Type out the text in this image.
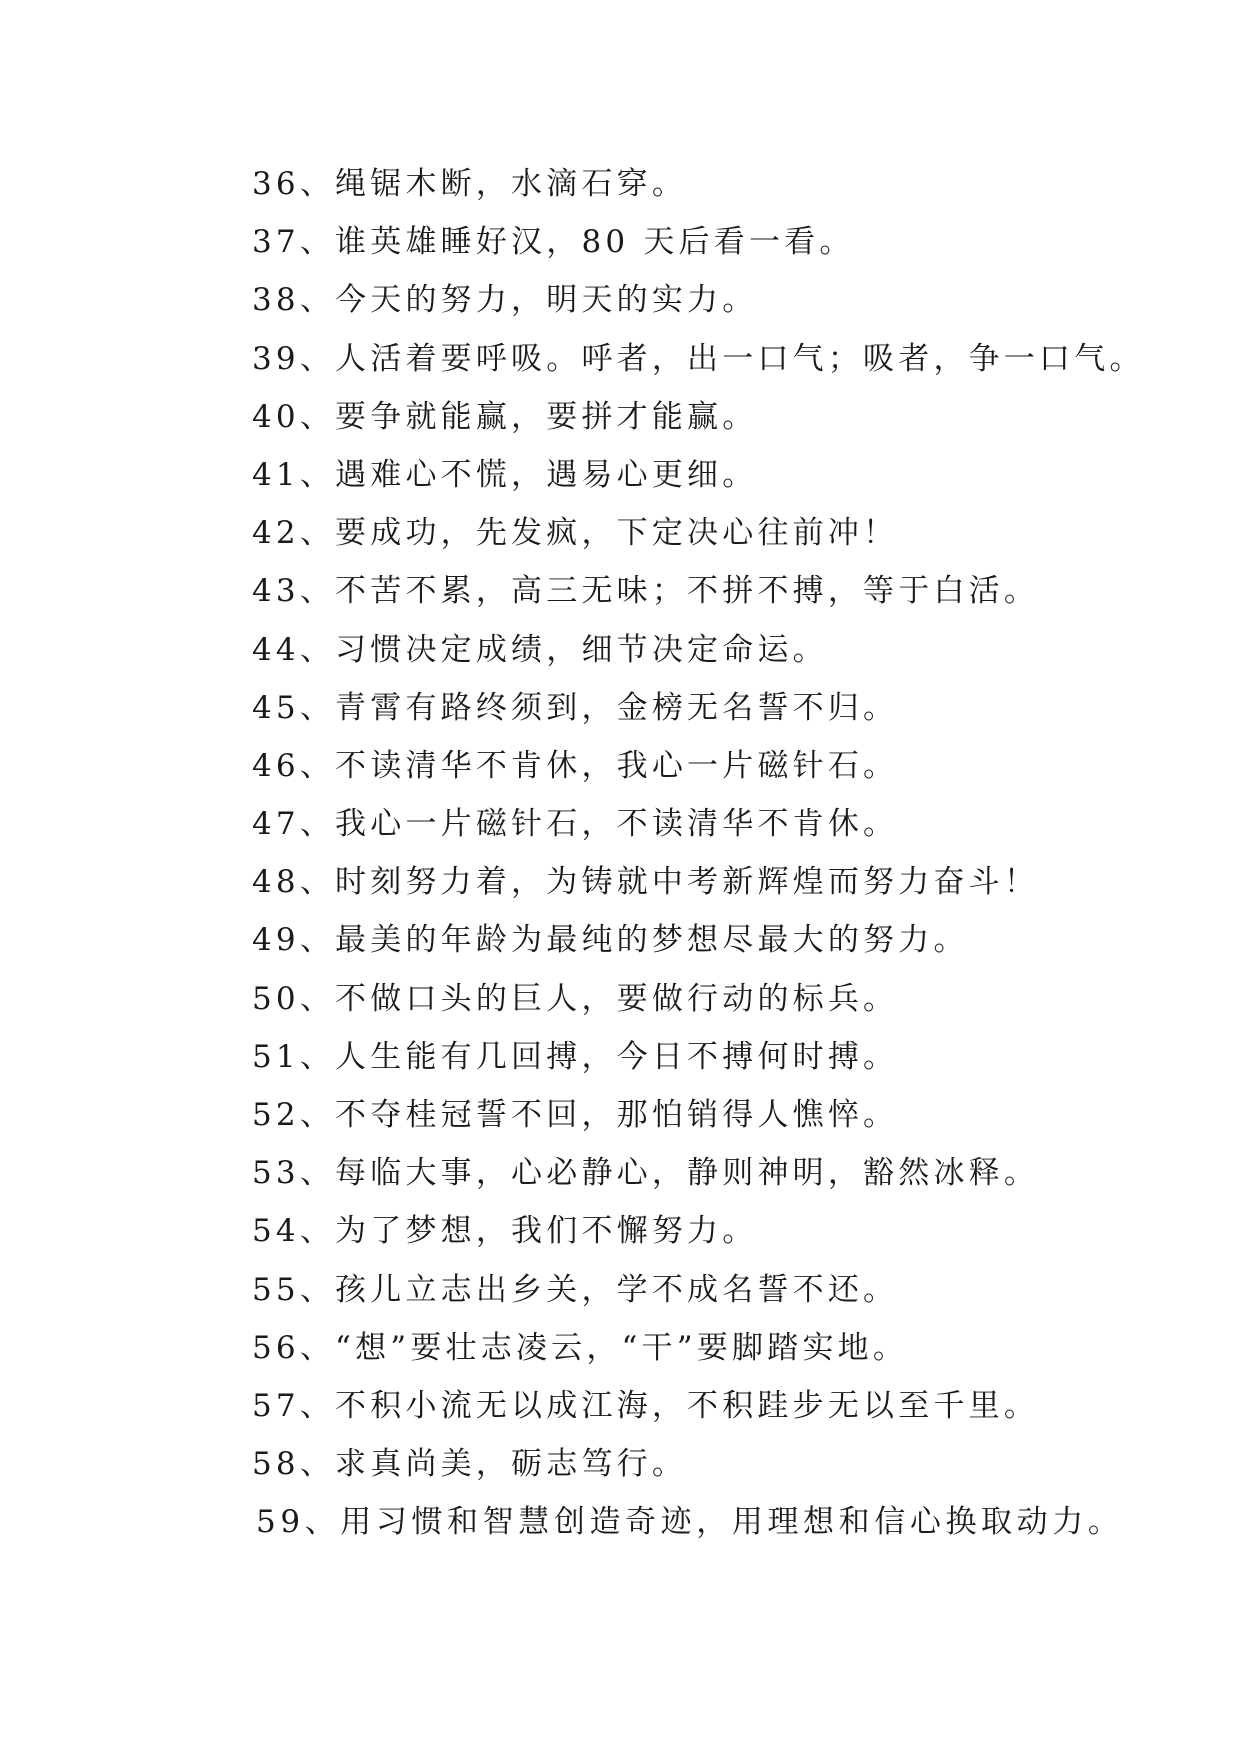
36、绳锯木断，水滴石穿。
37、谁英雄睡好汉，80 天后看一看。
38、今天的努力，明天的实力。
39、人活着要呼吸。呼者，出一口气；吸者，争一口气。
40、要争就能赢，要拼才能赢。
41、遇难心不慌，遇易心更细。
42、要成功，先发疯，下定决心往前冲！
43、不苦不累，高三无味；不拼不搏，等于白活。
44、习惯决定成绩，细节决定命运。
45、青霄有路终须到，金榜无名誓不归。
46、不读清华不肯休，我心一片磁针石。
47、我心一片磁针石，不读清华不肯休。
48、时刻努力着，为铸就中考新辉煌而努力奋斗！
49、最美的年龄为最纯的梦想尽最大的努力。
50、不做口头的巨人，要做行动的标兵。
51、人生能有几回搏，今日不搏何时搏。
52、不夺桂冠誓不回，那怕销得人憔悴。
53、每临大事，心必静心，静则神明，豁然冰释。
54、为了梦想，我们不懈努力。
55、孩儿立志出乡关，学不成名誓不还。
56、“想”要壮志凌云，“干”要脚踏实地。
57、不积小流无以成江海，不积跬步无以至千里。
58、求真尚美，砺志笃行。
59、用习惯和智慧创造奇迹，用理想和信心换取动力。
